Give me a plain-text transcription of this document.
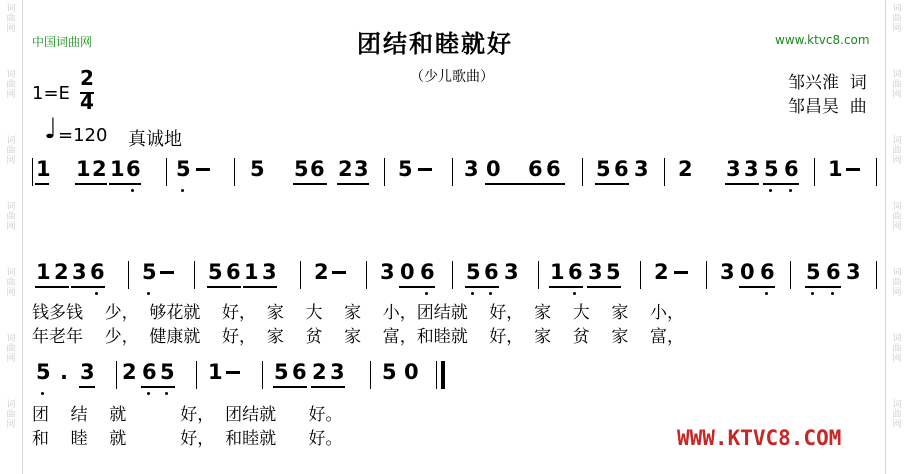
词曲网
词曲网
词曲网
词曲网
词曲网
词曲网
词曲网
词曲网
词曲网
词曲网
词曲网
词曲网
词曲网
词曲网
中国词曲网	www.ktvc8.com
团结和睦就好
（少儿歌曲）	邹兴淮  词
邹昌昊  曲
1=E
2
4
♩ =120 真诚地
1 1 2 1 6 5	5 5 6 2 3 5 3 0 6 6 5 6 3 2 3 3 5 6 1
1 2 3 6 5 5 6 1 3 2 3 0 6 5 6 3 1 6 3 5 2 3 0 6 5 6 3
钱多钱    少，  够花就    好，  家    大    家    小，团结就    好，  家    大    家    小，
年老年    少，  健康就    好，  家    贫    家    富，和睦就    好，  家    贫    家    富，
5 . 3 2 6 5 1 5 6 2 3 5 0
团    结    就          好，  团结就      好。
和    睦    就          好，  和睦就      好。	WWW.KTVC8.COM
